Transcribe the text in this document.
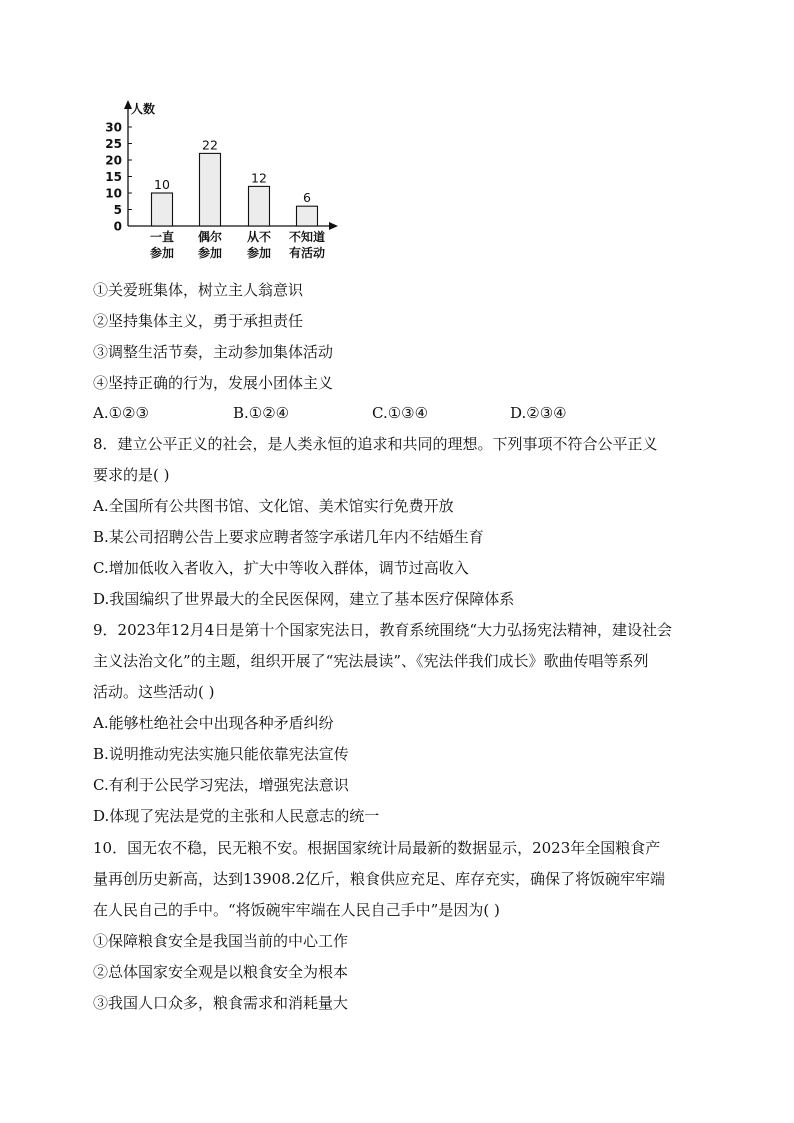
人数
0
5
10
15
20
25
30
10
一直
参加
22
偶尔
参加
12
从不
参加
6
不知道
有活动
①关爱班集体，树立主人翁意识
②坚持集体主义，勇于承担责任
③调整生活节奏，主动参加集体活动
④坚持正确的行为，发展小团体主义
A.①②③	B.①②④	C.①③④	D.②③④
8．建立公平正义的社会，是人类永恒的追求和共同的理想。下列事项不符合公平正义
要求的是( )
A.全国所有公共图书馆、文化馆、美术馆实行免费开放
B.某公司招聘公告上要求应聘者签字承诺几年内不结婚生育
C.增加低收入者收入，扩大中等收入群体，调节过高收入
D.我国编织了世界最大的全民医保网，建立了基本医疗保障体系
9．2023年12月4日是第十个国家宪法日，教育系统围绕“大力弘扬宪法精神，建设社会
主义法治文化”的主题，组织开展了“宪法晨读”、《宪法伴我们成长》歌曲传唱等系列
活动。这些活动( )
A.能够杜绝社会中出现各种矛盾纠纷
B.说明推动宪法实施只能依靠宪法宣传
C.有利于公民学习宪法，增强宪法意识
D.体现了宪法是党的主张和人民意志的统一
10．国无农不稳，民无粮不安。根据国家统计局最新的数据显示，2023年全国粮食产
量再创历史新高，达到13908.2亿斤，粮食供应充足、库存充实，确保了将饭碗牢牢端
在人民自己的手中。“将饭碗牢牢端在人民自己手中”是因为( )
①保障粮食安全是我国当前的中心工作
②总体国家安全观是以粮食安全为根本
③我国人口众多，粮食需求和消耗量大
